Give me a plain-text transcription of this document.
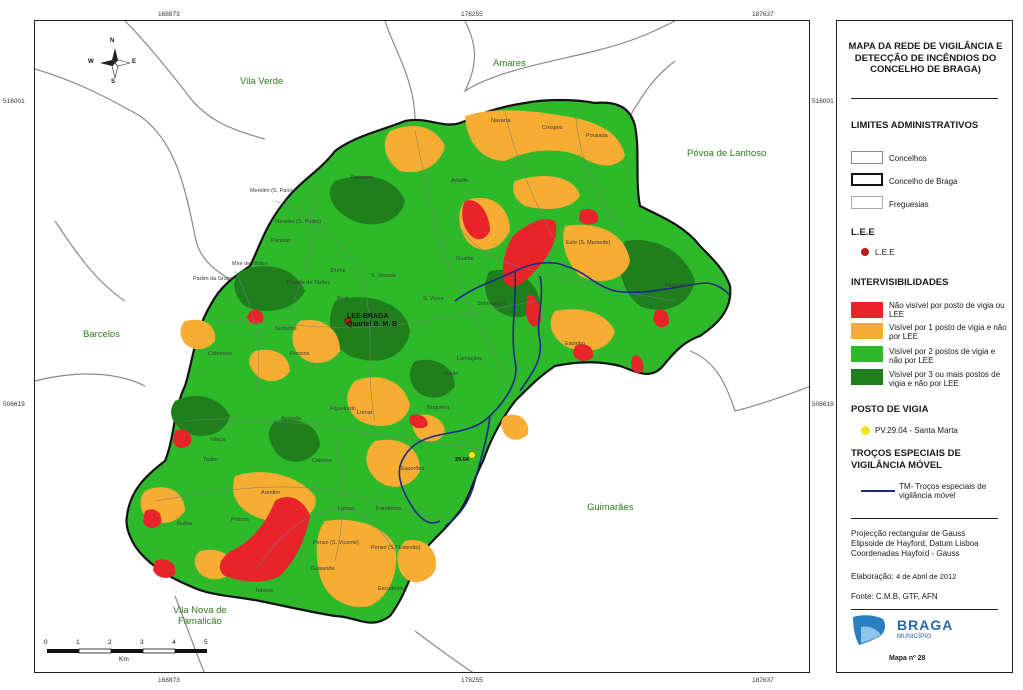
168873	178255	187637
168873	178255	187637
516001
506619
516001
506619
N
S
E
W
0	1	2	3	4	5
Km
Vila Verde
Amares
Póvoa de Lanhoso
Barcelos
Guimarães
Vila Nova de
Famalicão
Navarra
Crespos
Pousada
Adaúfe
Palmeira
Merelim (S. Paio)
Merelim (S. Pedro)
Panóias
Mire de Tibães
Padim da Graça
Parada de Tibães
Dume
Real
Semelhe
Cabreiros	Frossos
S. Vicente
S. Victor
Gualtar
Espinho
Lamaçães
Fraião
Nogueira
Lomar
Esporões
Tadim
Ruilhe
Priscos
Lamas	Trandeiras
Penso (S. Vicente)
Penso (S.ª Estevão)
Escudeiros
Sobreposta
Pedralva
Este (S. Mamede)
Arentim
Figueiredo
Aveleda
Vilaça
Celeiros
Guisande
Tebosa
LEE-BRAGA
Quartel B. M. B
29.04
MAPA DA REDE DE VIGILÂNCIA E DETECÇÃO DE INCÊNDIOS DO CONCELHO DE BRAGA)
LIMITES ADMINISTRATIVOS
Concelhos
Concelho de Braga
Freguesias
L.E.E
L.E.E
INTERVISIBILIDADES
Não visível por posto de vigia ou LEE
Visível por 1 posto de vigia e não por LEE
Visível por 2 postos de vigia e não por LEE
Visível por 3 ou mais postos de vigia e não por LEE
POSTO DE VIGIA
PV.29.04 - Santa Marta
TROÇOS ESPECIAIS DE VIGILÂNCIA MÓVEL
TM- Troços especiais de vigilância móvel
Projecção rectangular de Gauss
Elipsoide de Hayford, Datum Lisboa
Coordenadas Hayford - Gauss
Elaboração: 4 de Abril de 2012
Fonte: C.M.B, GTF, AFN
BRAGA
MUNICÍPIO
Mapa nº 28
